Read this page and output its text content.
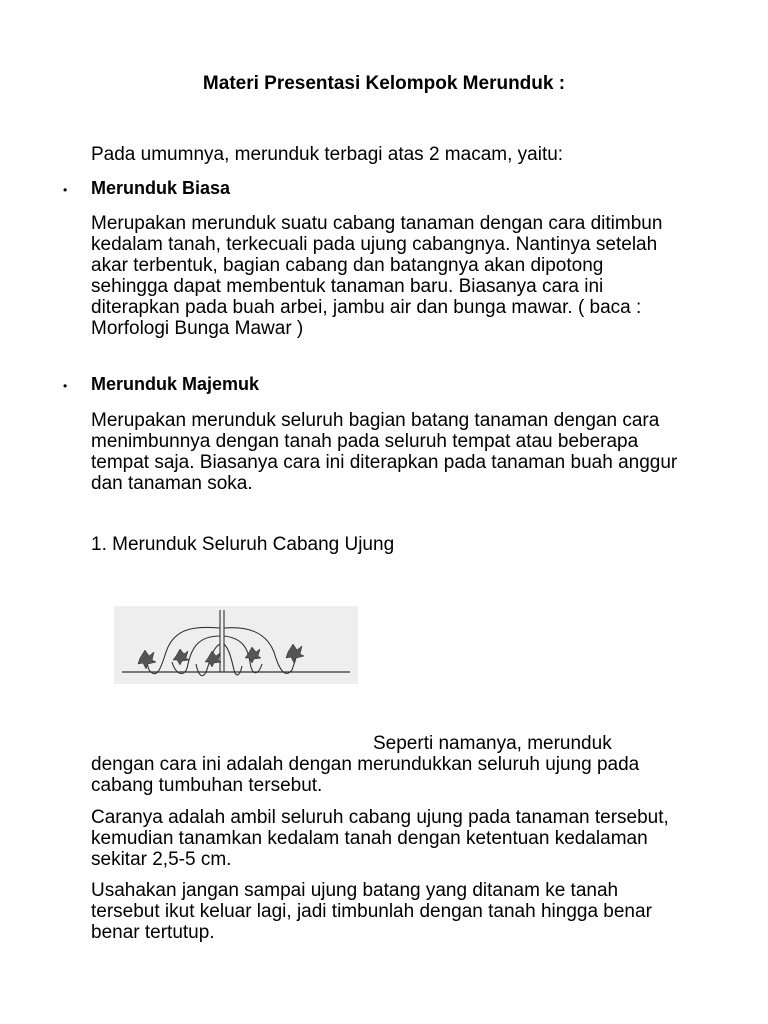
Materi Presentasi Kelompok Merunduk :
Pada umumnya, merunduk terbagi atas 2 macam, yaitu:
• Merunduk Biasa
Merupakan merunduk suatu cabang tanaman dengan cara ditimbun kedalam tanah, terkecuali pada ujung cabangnya. Nantinya setelah akar terbentuk, bagian cabang dan batangnya akan dipotong sehingga dapat membentuk tanaman baru. Biasanya cara ini diterapkan pada buah arbei, jambu air dan bunga mawar. ( baca : Morfologi Bunga Mawar )
• Merunduk Majemuk
Merupakan merunduk seluruh bagian batang tanaman dengan cara menimbunnya dengan tanah pada seluruh tempat atau beberapa tempat saja. Biasanya cara ini diterapkan pada tanaman buah anggur dan tanaman soka.
1. Merunduk Seluruh Cabang Ujung
Seperti namanya, merunduk
dengan cara ini adalah dengan merundukkan seluruh ujung pada cabang tumbuhan tersebut.
Caranya adalah ambil seluruh cabang ujung pada tanaman tersebut, kemudian tanamkan kedalam tanah dengan ketentuan kedalaman sekitar 2,5-5 cm.
Usahakan jangan sampai ujung batang yang ditanam ke tanah tersebut ikut keluar lagi, jadi timbunlah dengan tanah hingga benar benar tertutup.
